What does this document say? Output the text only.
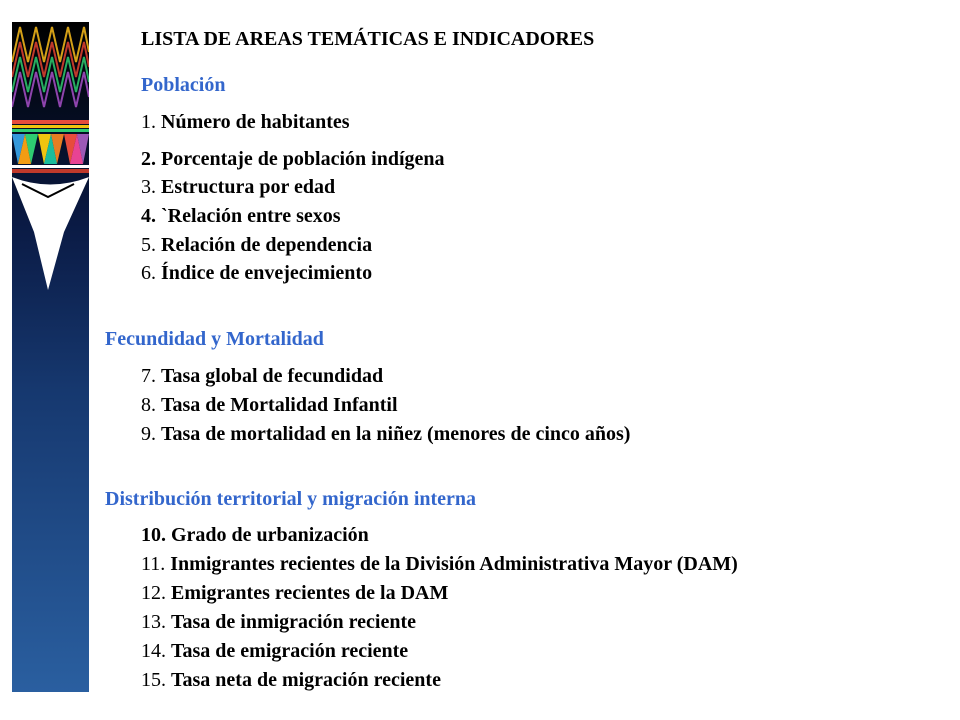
LISTA DE AREAS TEMÁTICAS E INDICADORES
Población
1. Número de habitantes
2. Porcentaje de población indígena
3. Estructura por edad
4. `Relación entre sexos
5. Relación de dependencia
6. Índice de envejecimiento
Fecundidad y Mortalidad
7. Tasa global de fecundidad
8. Tasa de Mortalidad Infantil
9. Tasa de mortalidad en la niñez (menores de cinco años)
Distribución territorial y migración interna
10. Grado de urbanización
11. Inmigrantes recientes de la División Administrativa Mayor (DAM)
12. Emigrantes recientes de la DAM
13. Tasa de inmigración reciente
14. Tasa de emigración reciente
15. Tasa neta de migración reciente
